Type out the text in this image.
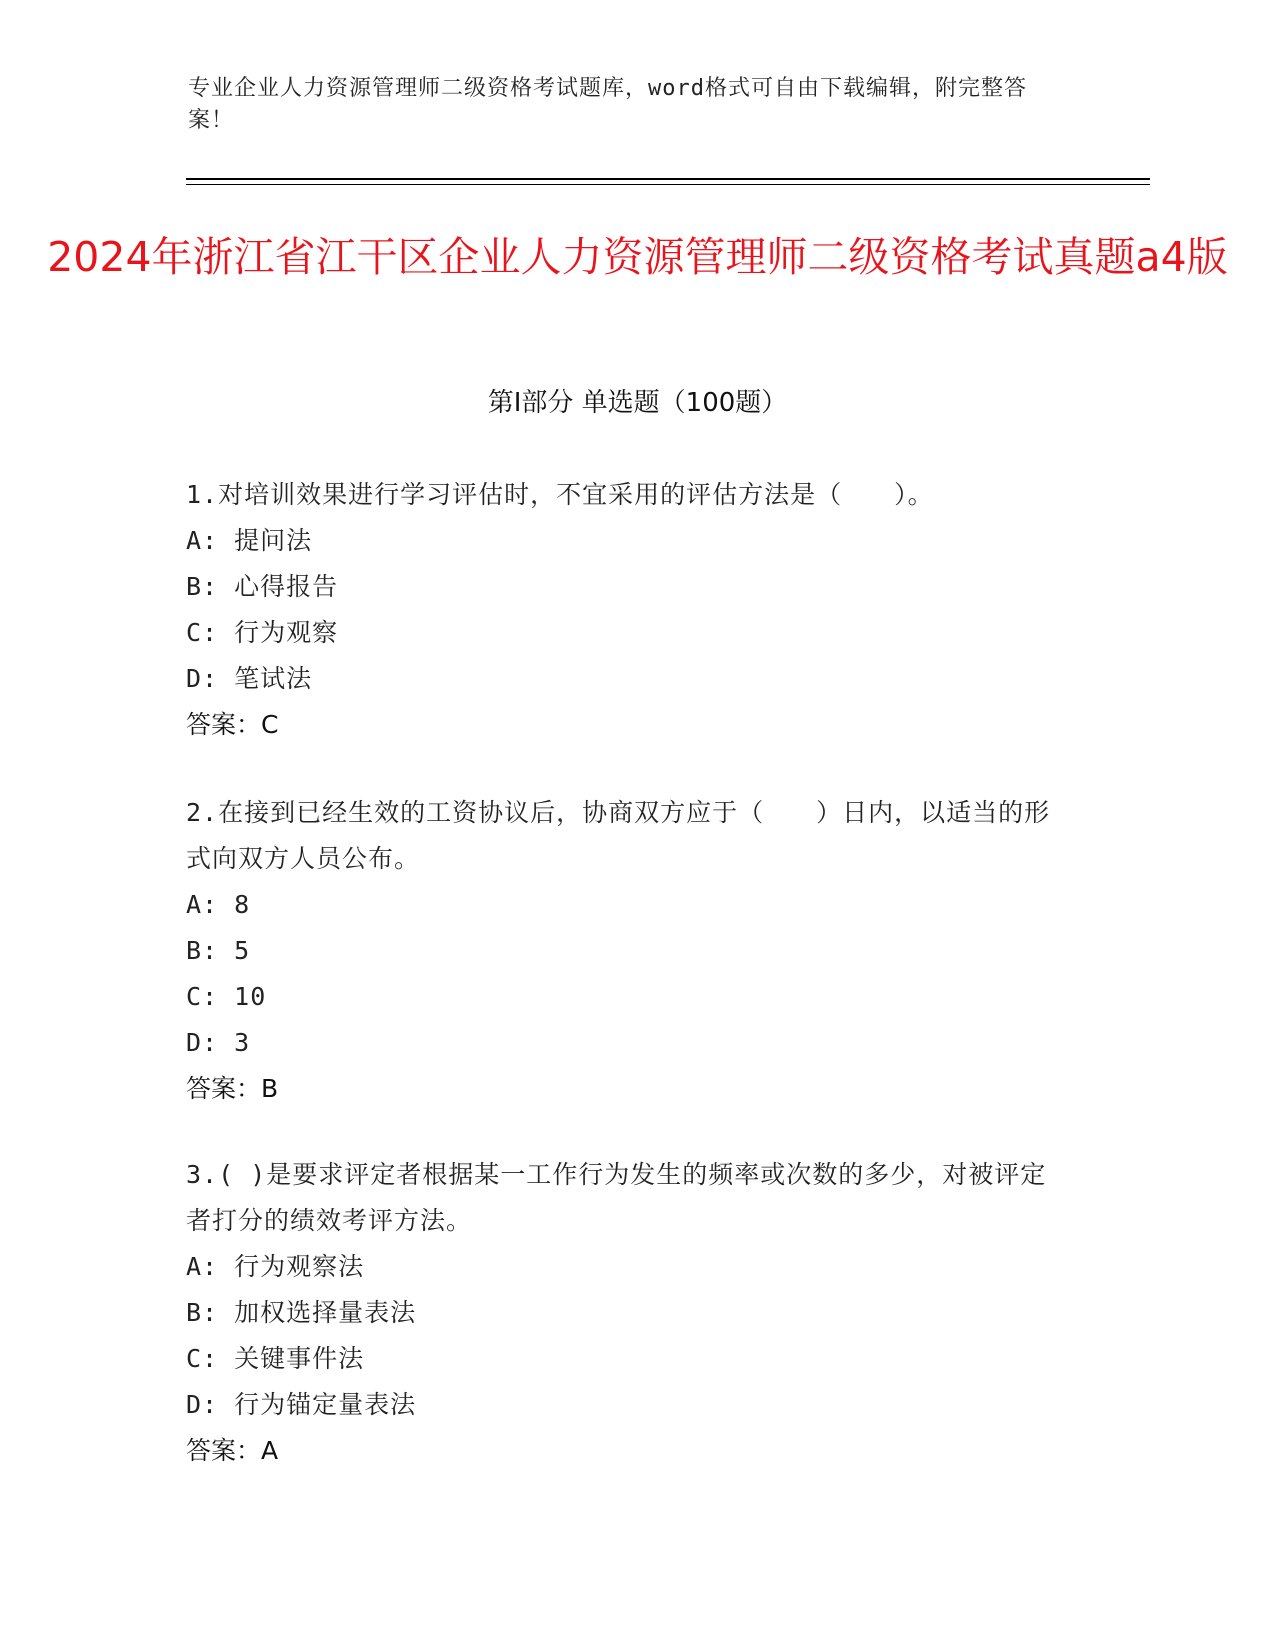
专业企业人力资源管理师二级资格考试题库，word格式可自由下载编辑，附完整答案！
2024年浙江省江干区企业人力资源管理师二级资格考试真题a4版
第I部分 单选题（100题）
1.对培训效果进行学习评估时，不宜采用的评估方法是（　　）。
A: 提问法
B: 心得报告
C: 行为观察
D: 笔试法
答案：C
2.在接到已经生效的工资协议后，协商双方应于（　　）日内，以适当的形式向双方人员公布。
A: 8
B: 5
C: 10
D: 3
答案：B
3.( )是要求评定者根据某一工作行为发生的频率或次数的多少，对被评定者打分的绩效考评方法。
A: 行为观察法
B: 加权选择量表法
C: 关键事件法
D: 行为锚定量表法
答案：A
